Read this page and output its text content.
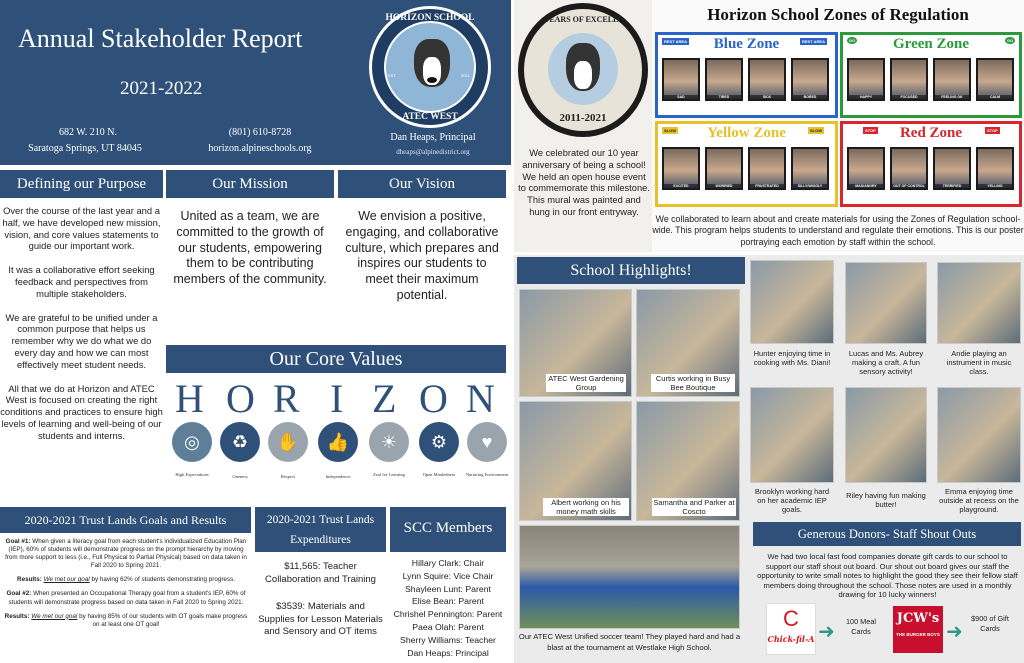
Annual Stakeholder Report
2021-2022
682 W. 210 N.
Saratoga Springs, UT 84045
(801) 610-8728
horizon.alpineschools.org
Dan Heaps, Principal
dheaps@alpinedistrict.org
HORIZON SCHOOL
ATEC WEST
EST.	2011
Defining our Purpose

Over the course of the last year and a half, we have developed new mission, vision, and core values statements to guide our important work.

It was a collaborative effort seeking feedback and perspectives from multiple stakeholders.

We are grateful to be unified under a common purpose that helps us remember why we do what we do every day and how we can most effectively meet student needs.

All that we do at Horizon and ATEC West is focused on creating the right conditions and practices to ensure high levels of learning and well-being of our students and interns.

Our Mission
United as a team, we are committed to the growth of our students, empowering them to be contributing members of the community.
Our Vision
We envision a positive, engaging, and collaborative culture, which prepares and inspires our students to meet their maximum potential.
Our Core Values
H O R I Z O N
◎	♻	✋	👍	☀	⚙	♥
High Expectations	Oneness	Respect	Independence	Zeal for Learning	Open Mindedness	Nurturing Environment
2020-2021 Trust Lands Goals and Results

Goal #1: When given a literacy goal from each student's individualized Education Plan (IEP), 60% of students will demonstrate progress on the prompt hierarchy by moving from more support to less (i.e., Full Physical to Partial Physical) based on data taken in Fall 2020 to Spring 2021.

Results: We met our goal by having 62% of students demonstrating progress.

Goal #2: When presented an Occupational Therapy goal from a student's IEP, 60% of students will demonstrate progress based on data taken in Fall 2020 to Spring 2021.

Results: We met our goal by having 85% of our students with OT goals make progress on at least one OT goal!

2020-2021 Trust Lands Expenditures
$11,565: Teacher Collaboration and Training
$3539: Materials and Supplies for Lesson Materials and Sensory and OT items
SCC Members
Hillary Clark: Chair
Lynn Squire: Vice Chair
Shayleen Lunt: Parent
Elise Bean: Parent
Chrishel Pennington: Parent
Paea Olah: Parent
Sherry Williams: Teacher
Dan Heaps: Principal
TEN YEARS OF EXCELLENCE
2011-2021
We celebrated our 10 year anniversary of being a school! We held an open house event to commemorate this milestone. This mural was painted and hung in our front entryway.
Horizon School Zones of Regulation
Blue Zone
REST AREA	REST AREA
SAD	TIRED	SICK	BORED
Green Zone
GO	GO
HAPPY	FOCUSED	FEELING OK	CALM
Yellow Zone
SLOW	SLOW
EXCITED	WORRIED	FRUSTRATED	SILLY/WIGGLY
Red Zone
STOP	STOP
MAD/ANGRY	OUT OF CONTROL	TERRIFIED	YELLING
We collaborated to learn about and create materials for using the Zones of Regulation school-wide. This program helps students to understand and regulate their emotions. This is our poster portraying each emotion by staff within the school.
School Highlights!
ATEC West Gardening Group
Curtis working in Busy Bee Boutique
Albert working on his money math skills
Samantha and Parker at Coscto
Hunter enjoying time in cooking with Ms. Diani!
Lucas and Ms. Aubrey making a craft. A fun sensory activity!
Andie playing an instrument in music class.
Brooklyn working hard on her academic IEP goals.
Riley having fun making butter!
Emma enjoying time outside at recess on the playground.
Our ATEC West Unified soccer team! They played hard and had a blast at the tournament at Westlake High School.
Generous Donors- Staff Shout Outs
We had two local fast food companies donate gift cards to our school to support our staff shout out board. Our shout out board gives our staff the opportunity to write small notes to highlight the good they see their fellow staff members doing throughout the school. Those notes are used in a monthly drawing for 10 lucky winners!
C
Chick-fil-A ➜	100 Meal Cards
JCW's
THE BURGER BOYS ➜
$900 of Gift Cards
